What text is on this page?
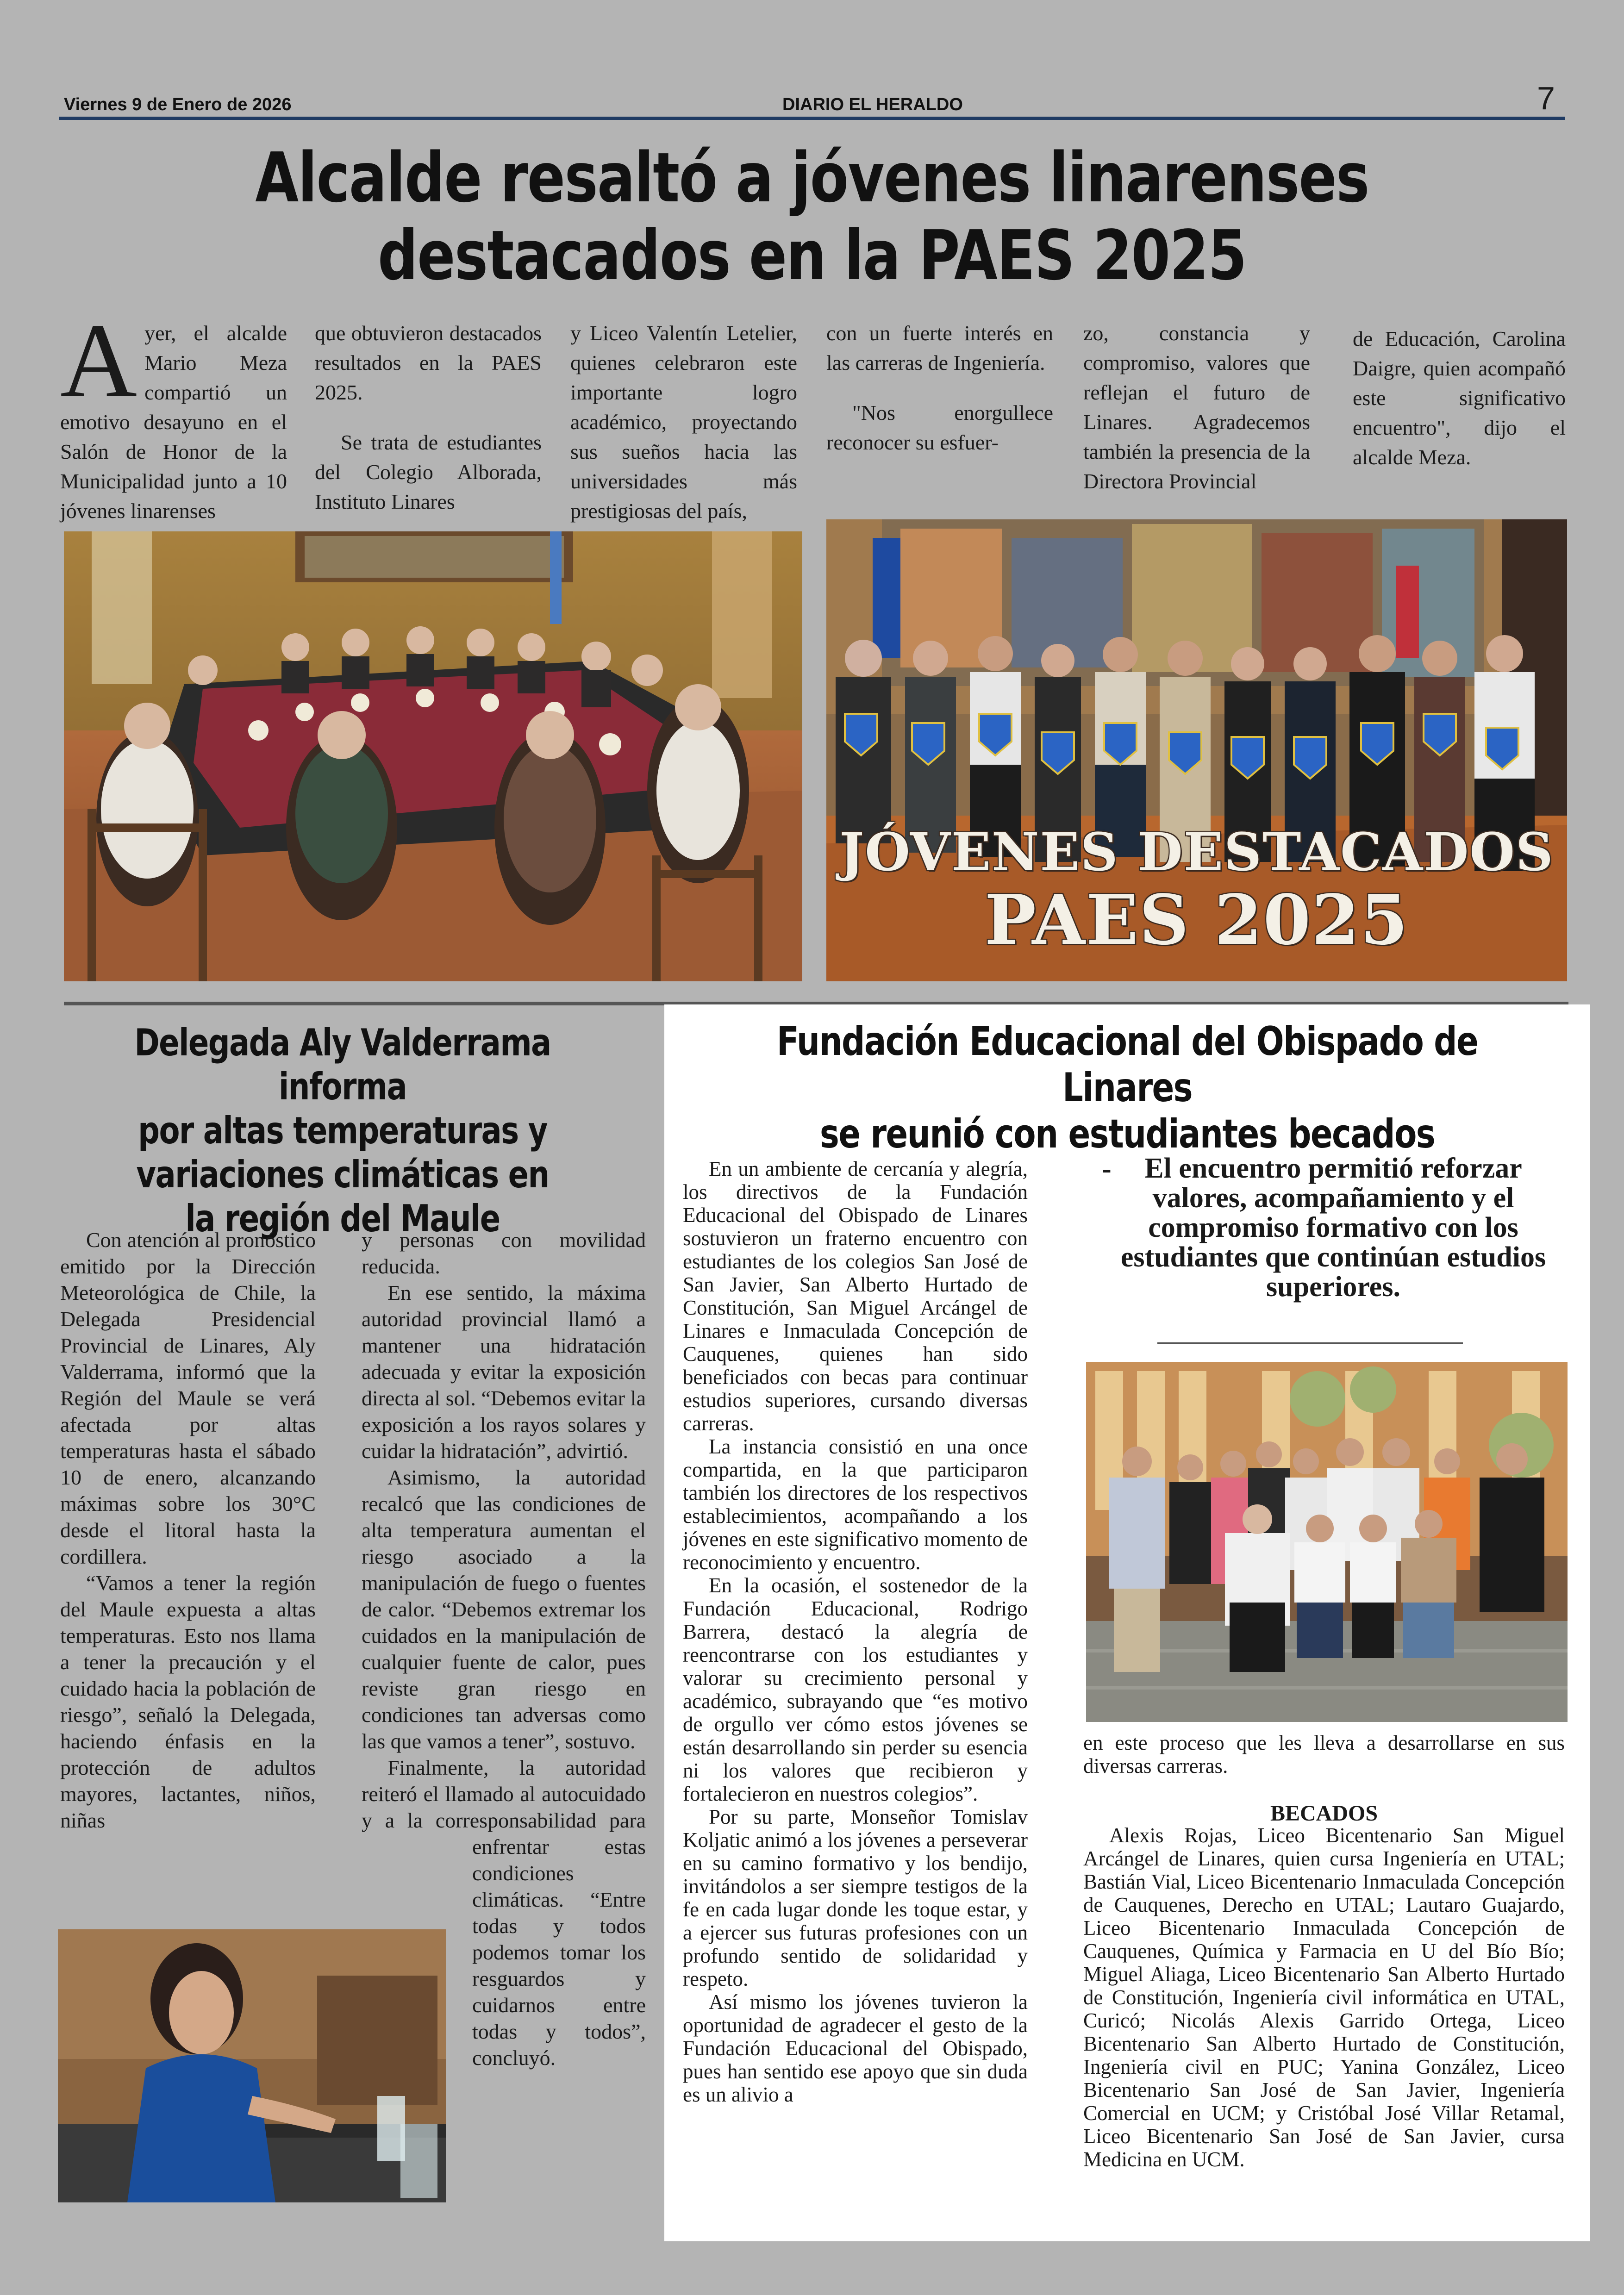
Viernes 9 de Enero de 2026	DIARIO EL HERALDO	7
Alcalde resaltó a jóvenes linarenses
destacados en la PAES 2025
Ayer, el alcalde Mario Meza compartió un emotivo desayuno en el Salón de Honor de la Municipalidad junto a 10 jóvenes linarenses

que obtuvieron destacados resultados en la PAES 2025.

Se trata de estudiantes del Colegio Alborada, Instituto Linares

y Liceo Valentín Letelier, quienes celebraron este importante logro académico, proyectando sus sueños hacia las universidades más prestigiosas del país,

con un fuerte interés en las carreras de Ingeniería.

"Nos enorgullece reconocer su esfuer-

zo, constancia y compromiso, valores que reflejan el futuro de Linares. Agradecemos también la presencia de la Directora Provincial

de Educación, Carolina Daigre, quien acompañó este significativo encuentro", dijo el alcalde Meza.

JÓVENES DESTACADOS
PAES 2025
Delegada Aly Valderrama informa
por altas temperaturas y
variaciones climáticas en
la región del Maule

Con atención al pronóstico emitido por la Dirección Meteorológica de Chile, la Delegada Presidencial Provincial de Linares, Aly Valderrama, informó que la Región del Maule se verá afectada por altas temperaturas hasta el sábado 10 de enero, alcanzando máximas sobre los 30°C desde el litoral hasta la cordillera.

“Vamos a tener la región del Maule expuesta a altas temperaturas. Esto nos llama a tener la precaución y el cuidado hacia la población de riesgo”, señaló la Delegada, haciendo énfasis en la protección de adultos mayores, lactantes, niños, niñas

y personas con movilidad reducida.

En ese sentido, la máxima autoridad provincial llamó a mantener una hidratación adecuada y evitar la exposición directa al sol. “Debemos evitar la exposición a los rayos solares y cuidar la hidratación”, advirtió.

Asimismo, la autoridad recalcó que las condiciones de alta temperatura aumentan el riesgo asociado a la manipulación de fuego o fuentes de calor. “Debemos extremar los cuidados en la manipulación de cualquier fuente de calor, pues reviste gran riesgo en condiciones tan adversas como las que vamos a tener”, sostuvo.

Finalmente, la autoridad reiteró el llamado al autocuidado y a la corresponsabilidad para enfrentar estas condiciones climáticas. “Entre todas y todos podemos tomar los resguardos y cuidarnos entre todas y todos”, concluyó.

Fundación Educacional del Obispado de Linares
se reunió con estudiantes becados

En un ambiente de cercanía y alegría, los directivos de la Fundación Educacional del Obispado de Linares sostuvieron un fraterno encuentro con estudiantes de los colegios San José de San Javier, San Alberto Hurtado de Constitución, San Miguel Arcángel de Linares e Inmaculada Concepción de Cauquenes, quienes han sido beneficiados con becas para continuar estudios superiores, cursando diversas carreras.

La instancia consistió en una once compartida, en la que participaron también los directores de los respectivos establecimientos, acompañando a los jóvenes en este significativo momento de reconocimiento y encuentro.

En la ocasión, el sostenedor de la Fundación Educacional, Rodrigo Barrera, destacó la alegría de reencontrarse con los estudiantes y valorar su crecimiento personal y académico, subrayando que “es motivo de orgullo ver cómo estos jóvenes se están desarrollando sin perder su esencia ni los valores que recibieron y fortalecieron en nuestros colegios”.

Por su parte, Monseñor Tomislav Koljatic animó a los jóvenes a perseverar en su camino formativo y los bendijo, invitándolos a ser siempre testigos de la fe en cada lugar donde les toque estar, y a ejercer sus futuras profesiones con un profundo sentido de solidaridad y respeto.

Así mismo los jóvenes tuvieron la oportunidad de agradecer el gesto de la Fundación Educacional del Obispado, pues han sentido ese apoyo que sin duda es un alivio a

-	El encuentro permitió reforzar valores, acompañamiento y el compromiso formativo con los estudiantes que continúan estudios superiores.
en este proceso que les lleva a desarrollarse en sus diversas carreras.
BECADOS

Alexis Rojas, Liceo Bicentenario San Miguel Arcángel de Linares, quien cursa Ingeniería en UTAL; Bastián Vial, Liceo Bicentenario Inmaculada Concepción de Cauquenes, Derecho en UTAL; Lautaro Guajardo, Liceo Bicentenario Inmaculada Concepción de Cauquenes, Química y Farmacia en U del Bío Bío; Miguel Aliaga, Liceo Bicentenario San Alberto Hurtado de Constitución, Ingeniería civil informática en UTAL, Curicó; Nicolás Alexis Garrido Ortega, Liceo Bicentenario San Alberto Hurtado de Constitución, Ingeniería civil en PUC; Yanina González, Liceo Bicentenario San José de San Javier, Ingeniería Comercial en UCM; y Cristóbal José Villar Retamal, Liceo Bicentenario San José de San Javier, cursa Medicina en UCM.
